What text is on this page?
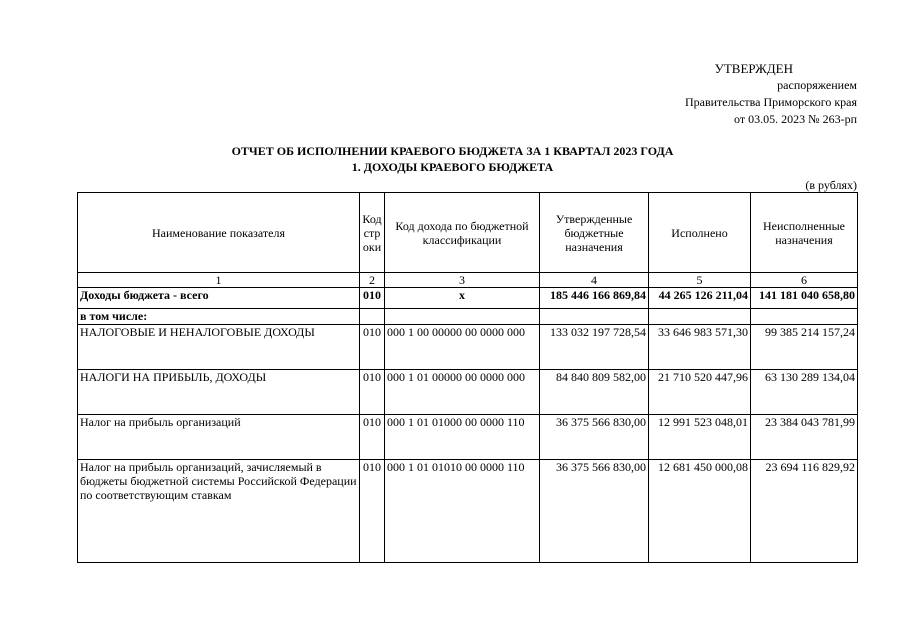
УТВЕРЖДЕН
распоряжением
Правительства Приморского края
от 03.05. 2023 № 263-рп
ОТЧЕТ ОБ ИСПОЛНЕНИИ КРАЕВОГО БЮДЖЕТА ЗА 1 КВАРТАЛ 2023 ГОДА
1. ДОХОДЫ КРАЕВОГО БЮДЖЕТА
(в рублях)
Наименование показателя	Код стр оки	Код дохода по бюджетной классификации	Утвержденные бюджетные назначения	Исполнено	Неисполненные назначения
1	2	3	4	5	6
Доходы бюджета - всего	010	x	185 446 166 869,84	44 265 126 211,04	141 181 040 658,80
в том числе:					
НАЛОГОВЫЕ И НЕНАЛОГОВЫЕ ДОХОДЫ	010	000 1 00 00000 00 0000 000	133 032 197 728,54	33 646 983 571,30	99 385 214 157,24
НАЛОГИ НА ПРИБЫЛЬ, ДОХОДЫ	010	000 1 01 00000 00 0000 000	84 840 809 582,00	21 710 520 447,96	63 130 289 134,04
Налог на прибыль организаций	010	000 1 01 01000 00 0000 110	36 375 566 830,00	12 991 523 048,01	23 384 043 781,99
Налог на прибыль организаций, зачисляемый в бюджеты бюджетной системы Российской Федерации по соответствующим ставкам	010	000 1 01 01010 00 0000 110	36 375 566 830,00	12 681 450 000,08	23 694 116 829,92
